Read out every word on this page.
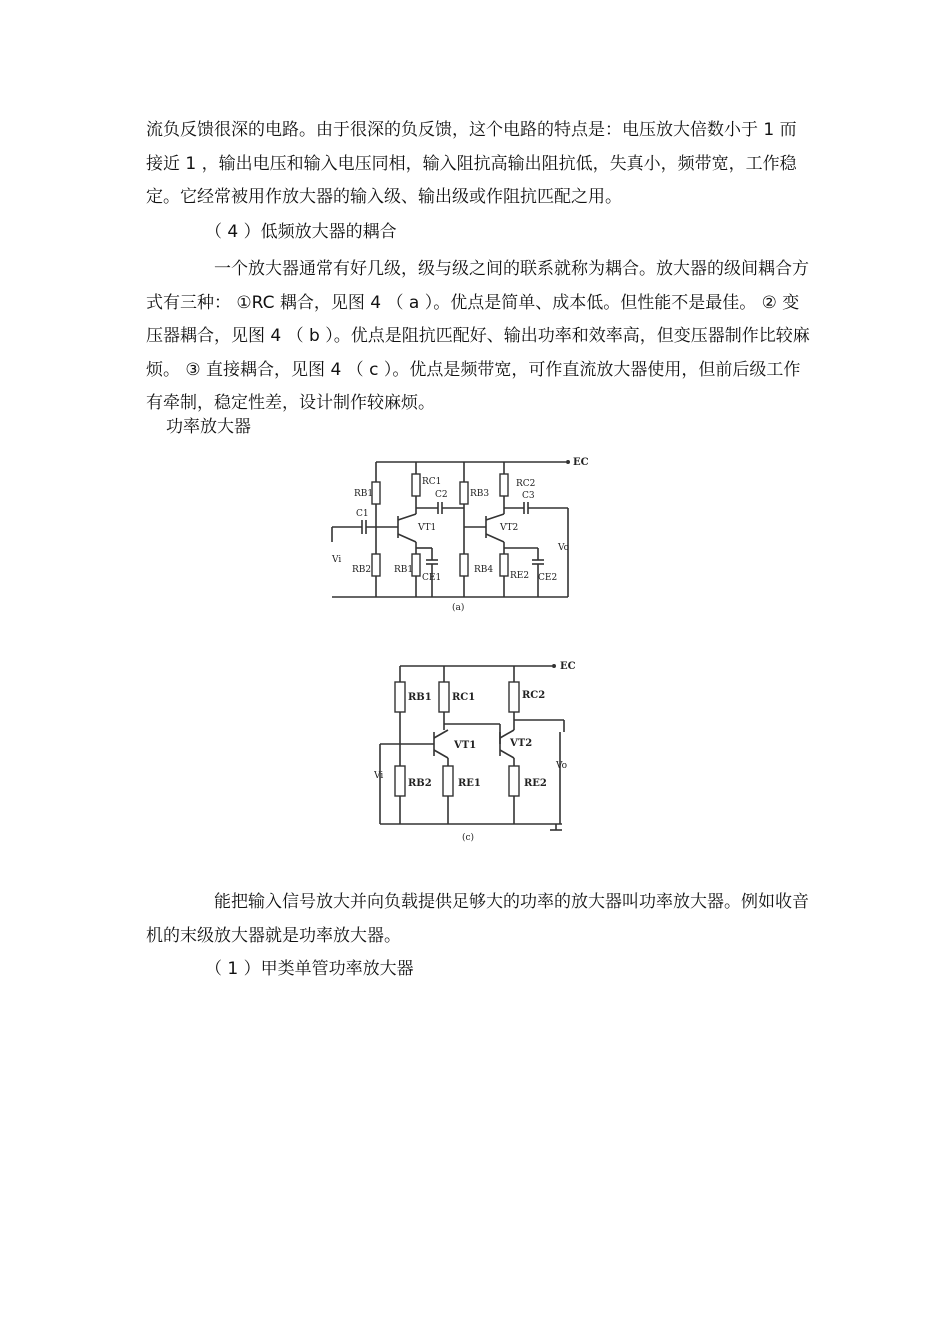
流负反馈很深的电路。由于很深的负反馈，这个电路的特点是：电压放大倍数小于 1 而接近 1 ，输出电压和输入电压同相，输入阻抗高输出阻抗低，失真小，频带宽，工作稳定。它经常被用作放大器的输入级、输出级或作阻抗匹配之用。

（ 4 ）低频放大器的耦合

一个放大器通常有好几级，级与级之间的联系就称为耦合。放大器的级间耦合方式有三种： ①RC 耦合，见图 4 （ a ）。优点是简单、成本低。但性能不是最佳。 ② 变压器耦合，见图 4 （ b ）。优点是阻抗匹配好、输出功率和效率高，但变压器制作比较麻烦。 ③ 直接耦合，见图 4 （ c ）。优点是频带宽，可作直流放大器使用，但前后级工作有牵制，稳定性差，设计制作较麻烦。

功率放大器

EC
RB1
RB2
C1
Vi
RC1
VT1
RB1
CE1
C2 RB3
RB4
RC2
VT2
RE2 CE2
C3
Vo
(a)
EC
RB1
RB2
Vi
RC1
VT1
RE1
RC2
VT2
RE2
Vo
(c)

能把输入信号放大并向负载提供足够大的功率的放大器叫功率放大器。例如收音机的末级放大器就是功率放大器。

（ 1 ）甲类单管功率放大器
